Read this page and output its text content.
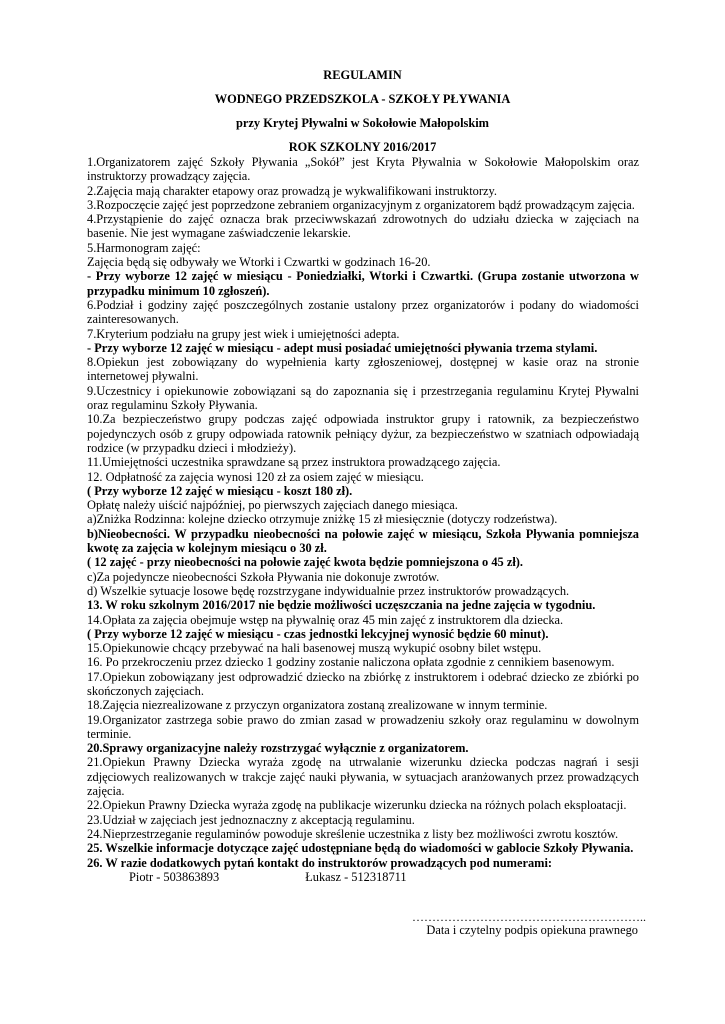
REGULAMIN
WODNEGO PRZEDSZKOLA - SZKOŁY PŁYWANIA
przy Krytej Pływalni w Sokołowie Małopolskim
ROK SZKOLNY 2016/2017

1.Organizatorem zajęć Szkoły Pływania „Sokół” jest Kryta Pływalnia w Sokołowie Małopolskim oraz instruktorzy prowadzący zajęcia.

2.Zajęcia mają charakter etapowy oraz prowadzą je wykwalifikowani instruktorzy.

3.Rozpoczęcie zajęć jest poprzedzone zebraniem organizacyjnym z organizatorem bądź prowadzącym zajęcia.

4.Przystąpienie do zajęć oznacza brak przeciwwskazań zdrowotnych do udziału dziecka w zajęciach na basenie. Nie jest wymagane zaświadczenie lekarskie.

5.Harmonogram zajęć:

Zajęcia będą się odbywały we Wtorki i Czwartki w godzinach 16-20.

- Przy wyborze 12 zajęć w miesiącu - Poniedziałki, Wtorki i Czwartki. (Grupa zostanie utworzona w przypadku minimum 10 zgłoszeń).

6.Podział i godziny zajęć poszczególnych zostanie ustalony przez organizatorów i podany do wiadomości zainteresowanych.

7.Kryterium podziału na grupy jest wiek i umiejętności adepta.

- Przy wyborze 12 zajęć w miesiącu - adept musi posiadać umiejętności pływania trzema stylami.

8.Opiekun jest zobowiązany do wypełnienia karty zgłoszeniowej, dostępnej w kasie oraz na stronie internetowej pływalni.

9.Uczestnicy i opiekunowie zobowiązani są do zapoznania się i przestrzegania regulaminu Krytej Pływalni oraz regulaminu Szkoły Pływania.

10.Za bezpieczeństwo grupy podczas zajęć odpowiada instruktor grupy i ratownik, za bezpieczeństwo pojedynczych osób z grupy odpowiada ratownik pełniący dyżur, za bezpieczeństwo w szatniach odpowiadają rodzice (w przypadku dzieci i młodzieży).

11.Umiejętności uczestnika sprawdzane są przez instruktora prowadzącego zajęcia.

12. Odpłatność za zajęcia wynosi 120 zł za osiem zajęć w miesiącu.

( Przy wyborze 12 zajęć w miesiącu - koszt 180 zł).

Opłatę należy uiścić najpóźniej, po pierwszych zajęciach danego miesiąca.

a)Zniżka Rodzinna: kolejne dziecko otrzymuje zniżkę 15 zł miesięcznie (dotyczy rodzeństwa).

b)Nieobecności. W przypadku nieobecności na połowie zajęć w miesiącu, Szkoła Pływania pomniejsza kwotę za zajęcia w kolejnym miesiącu o 30 zł.

( 12 zajęć - przy nieobecności na połowie zajęć kwota będzie pomniejszona o 45 zł).

c)Za pojedyncze nieobecności Szkoła Pływania nie dokonuje zwrotów.

d) Wszelkie sytuacje losowe będę rozstrzygane indywidualnie przez instruktorów prowadzących.

13. W roku szkolnym 2016/2017 nie będzie możliwości uczęszczania na jedne zajęcia w tygodniu.

14.Opłata za zajęcia obejmuje wstęp na pływalnię oraz 45 min zajęć z instruktorem dla dziecka.

( Przy wyborze 12 zajęć w miesiącu - czas jednostki lekcyjnej wynosić będzie 60 minut).

15.Opiekunowie chcący przebywać na hali basenowej muszą wykupić osobny bilet wstępu.

16. Po przekroczeniu przez dziecko 1 godziny zostanie naliczona opłata zgodnie z cennikiem basenowym.

17.Opiekun zobowiązany jest odprowadzić dziecko na zbiórkę z instruktorem i odebrać dziecko ze zbiórki po skończonych zajęciach.

18.Zajęcia niezrealizowane z przyczyn organizatora zostaną zrealizowane w innym terminie.

19.Organizator zastrzega sobie prawo do zmian zasad w prowadzeniu szkoły oraz regulaminu w dowolnym terminie.

20.Sprawy organizacyjne należy rozstrzygać wyłącznie z organizatorem.

21.Opiekun Prawny Dziecka wyraża zgodę na utrwalanie wizerunku dziecka podczas nagrań i sesji zdjęciowych realizowanych w trakcje zajęć nauki pływania, w sytuacjach aranżowanych przez prowadzących zajęcia.

22.Opiekun Prawny Dziecka wyraża zgodę na publikacje wizerunku dziecka na różnych polach eksploatacji.

23.Udział w zajęciach jest jednoznaczny z akceptacją regulaminu.

24.Nieprzestrzeganie regulaminów powoduje skreślenie uczestnika z listy bez możliwości zwrotu kosztów.

25. Wszelkie informacje dotyczące zajęć udostępniane będą do wiadomości w gablocie Szkoły Pływania.

26. W razie dodatkowych pytań kontakt do instruktorów prowadzących pod numerami:

Piotr - 503863893	Łukasz - 512318711
…………………………………………………..
Data i czytelny podpis opiekuna prawnego
